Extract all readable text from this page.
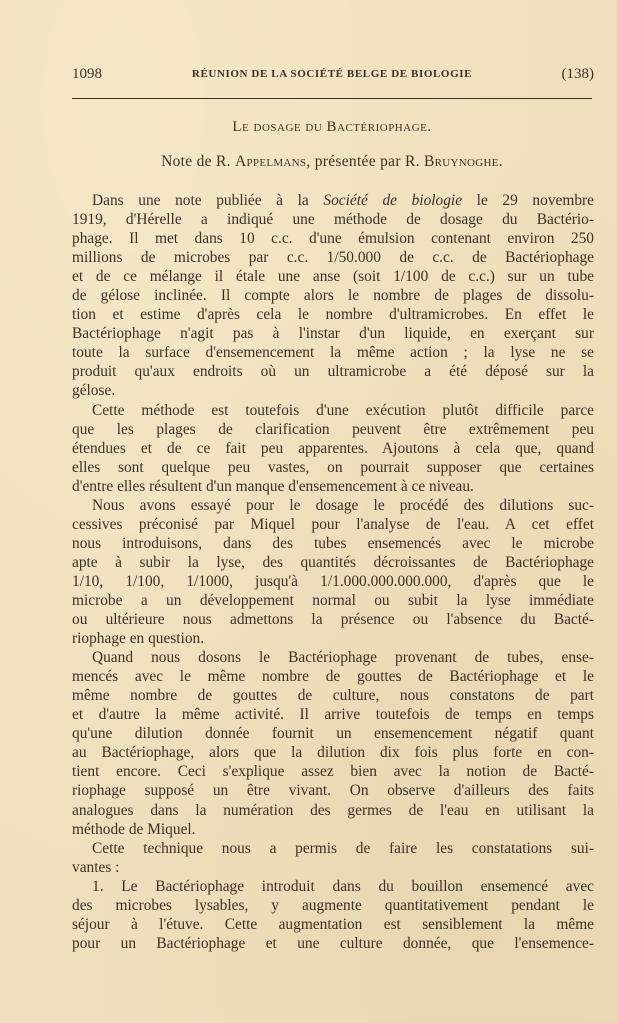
1098	RÉUNION DE LA SOCIÉTÉ BELGE DE BIOLOGIE	(138)
Le dosage du Bactériophage.
Note de R. Appelmans, présentée par R. Bruynoghe.

Dans une note publiée à la Société de biologie le 29 novembre
1919, d'Hérelle a indiqué une méthode de dosage du Bactério-
phage. Il met dans 10 c.c. d'une émulsion contenant environ 250
millions de microbes par c.c. 1/50.000 de c.c. de Bactériophage
et de ce mélange il étale une anse (soit 1/100 de c.c.) sur un tube
de gélose inclinée. Il compte alors le nombre de plages de dissolu-
tion et estime d'après cela le nombre d'ultramicrobes. En effet le
Bactériophage n'agit pas à l'instar d'un liquide, en exerçant sur
toute la surface d'ensemencement la même action ; la lyse ne se
produit qu'aux endroits où un ultramicrobe a été déposé sur la
gélose.

Cette méthode est toutefois d'une exécution plutôt difficile parce
que les plages de clarification peuvent être extrêmement peu
étendues et de ce fait peu apparentes. Ajoutons à cela que, quand
elles sont quelque peu vastes, on pourrait supposer que certaines
d'entre elles résultent d'un manque d'ensemencement à ce niveau.

Nous avons essayé pour le dosage le procédé des dilutions suc-
cessives préconisé par Miquel pour l'analyse de l'eau. A cet effet
nous introduisons, dans des tubes ensemencés avec le microbe
apte à subir la lyse, des quantités décroissantes de Bactériophage
1/10, 1/100, 1/1000, jusqu'à 1/1.000.000.000.000, d'après que le
microbe a un développement normal ou subit la lyse immédiate
ou ultérieure nous admettons la présence ou l'absence du Bacté-
riophage en question.

Quand nous dosons le Bactériophage provenant de tubes, ense-
mencés avec le même nombre de gouttes de Bactériophage et le
même nombre de gouttes de culture, nous constatons de part
et d'autre la même activité. Il arrive toutefois de temps en temps
qu'une dilution donnée fournit un ensemencement négatif quant
au Bactériophage, alors que la dilution dix fois plus forte en con-
tient encore. Ceci s'explique assez bien avec la notion de Bacté-
riophage supposé un être vivant. On observe d'ailleurs des faits
analogues dans la numération des germes de l'eau en utilisant la
méthode de Miquel.

Cette technique nous a permis de faire les constatations sui-
vantes :

1. Le Bactériophage introduit dans du bouillon ensemencé avec
des microbes lysables, y augmente quantitativement pendant le
séjour à l'étuve. Cette augmentation est sensiblement la même
pour un Bactériophage et une culture donnée, que l'ensemence-
